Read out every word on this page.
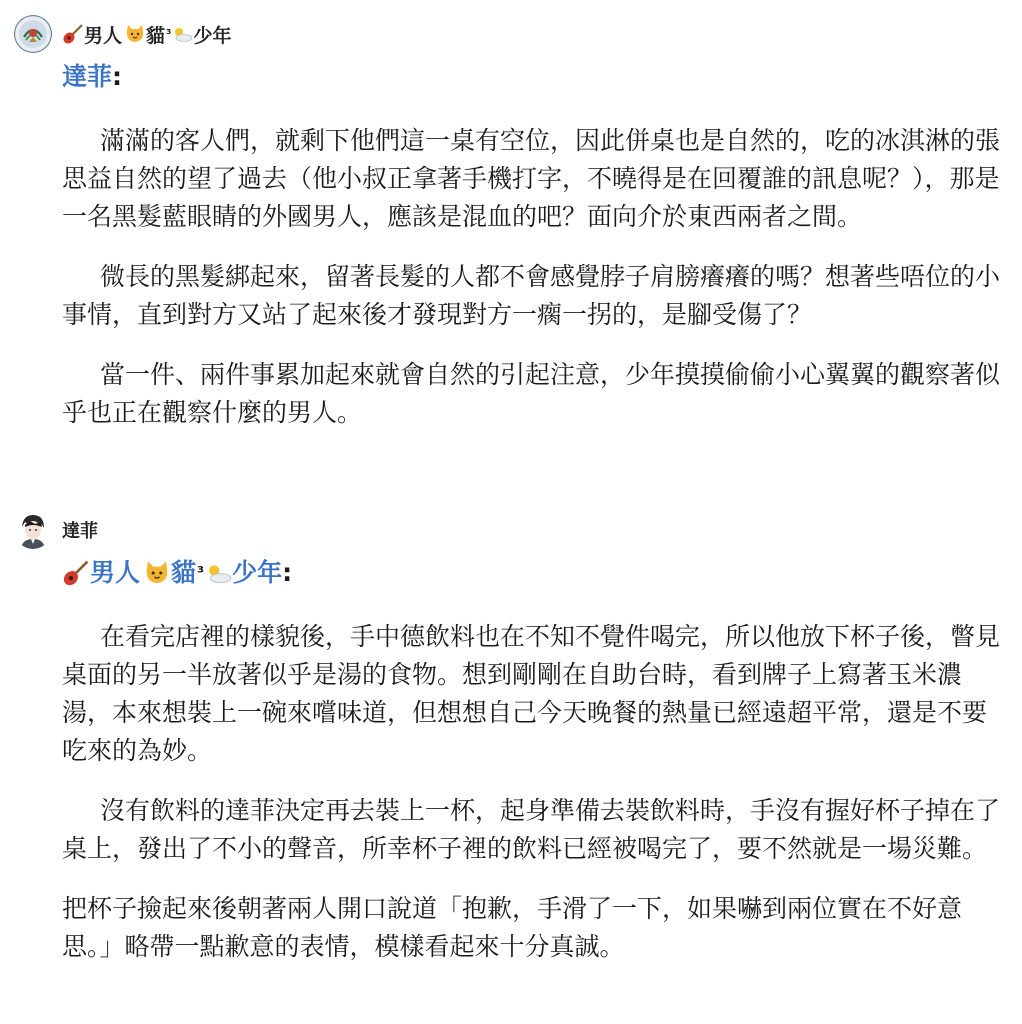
男人 貓 ³ 少年
達菲 :

滿滿的客人們，就剩下他們這一桌有空位，因此併桌也是自然的，吃的冰淇淋的張思益自然的望了過去（他小叔正拿著手機打字，不曉得是在回覆誰的訊息呢？），那是一名黑髮藍眼睛的外國男人，應該是混血的吧？面向介於東西兩者之間。

微長的黑髮綁起來，留著長髮的人都不會感覺脖子肩膀癢癢的嗎？想著些唔位的小事情，直到對方又站了起來後才發現對方一瘸一拐的，是腳受傷了？

當一件、兩件事累加起來就會自然的引起注意，少年摸摸偷偷小心翼翼的觀察著似乎也正在觀察什麼的男人。

達菲
男人 貓 ³ 少年 :

在看完店裡的樣貌後，手中德飲料也在不知不覺件喝完，所以他放下杯子後，瞥見桌面的另一半放著似乎是湯的食物。想到剛剛在自助台時，看到牌子上寫著玉米濃湯，本來想裝上一碗來嚐味道，但想想自己今天晚餐的熱量已經遠超平常，還是不要吃來的為妙。

沒有飲料的達菲決定再去裝上一杯，起身準備去裝飲料時，手沒有握好杯子掉在了桌上，發出了不小的聲音，所幸杯子裡的飲料已經被喝完了，要不然就是一場災難。

把杯子撿起來後朝著兩人開口說道「抱歉，手滑了一下，如果嚇到兩位實在不好意思。」略帶一點歉意的表情，模樣看起來十分真誠。
